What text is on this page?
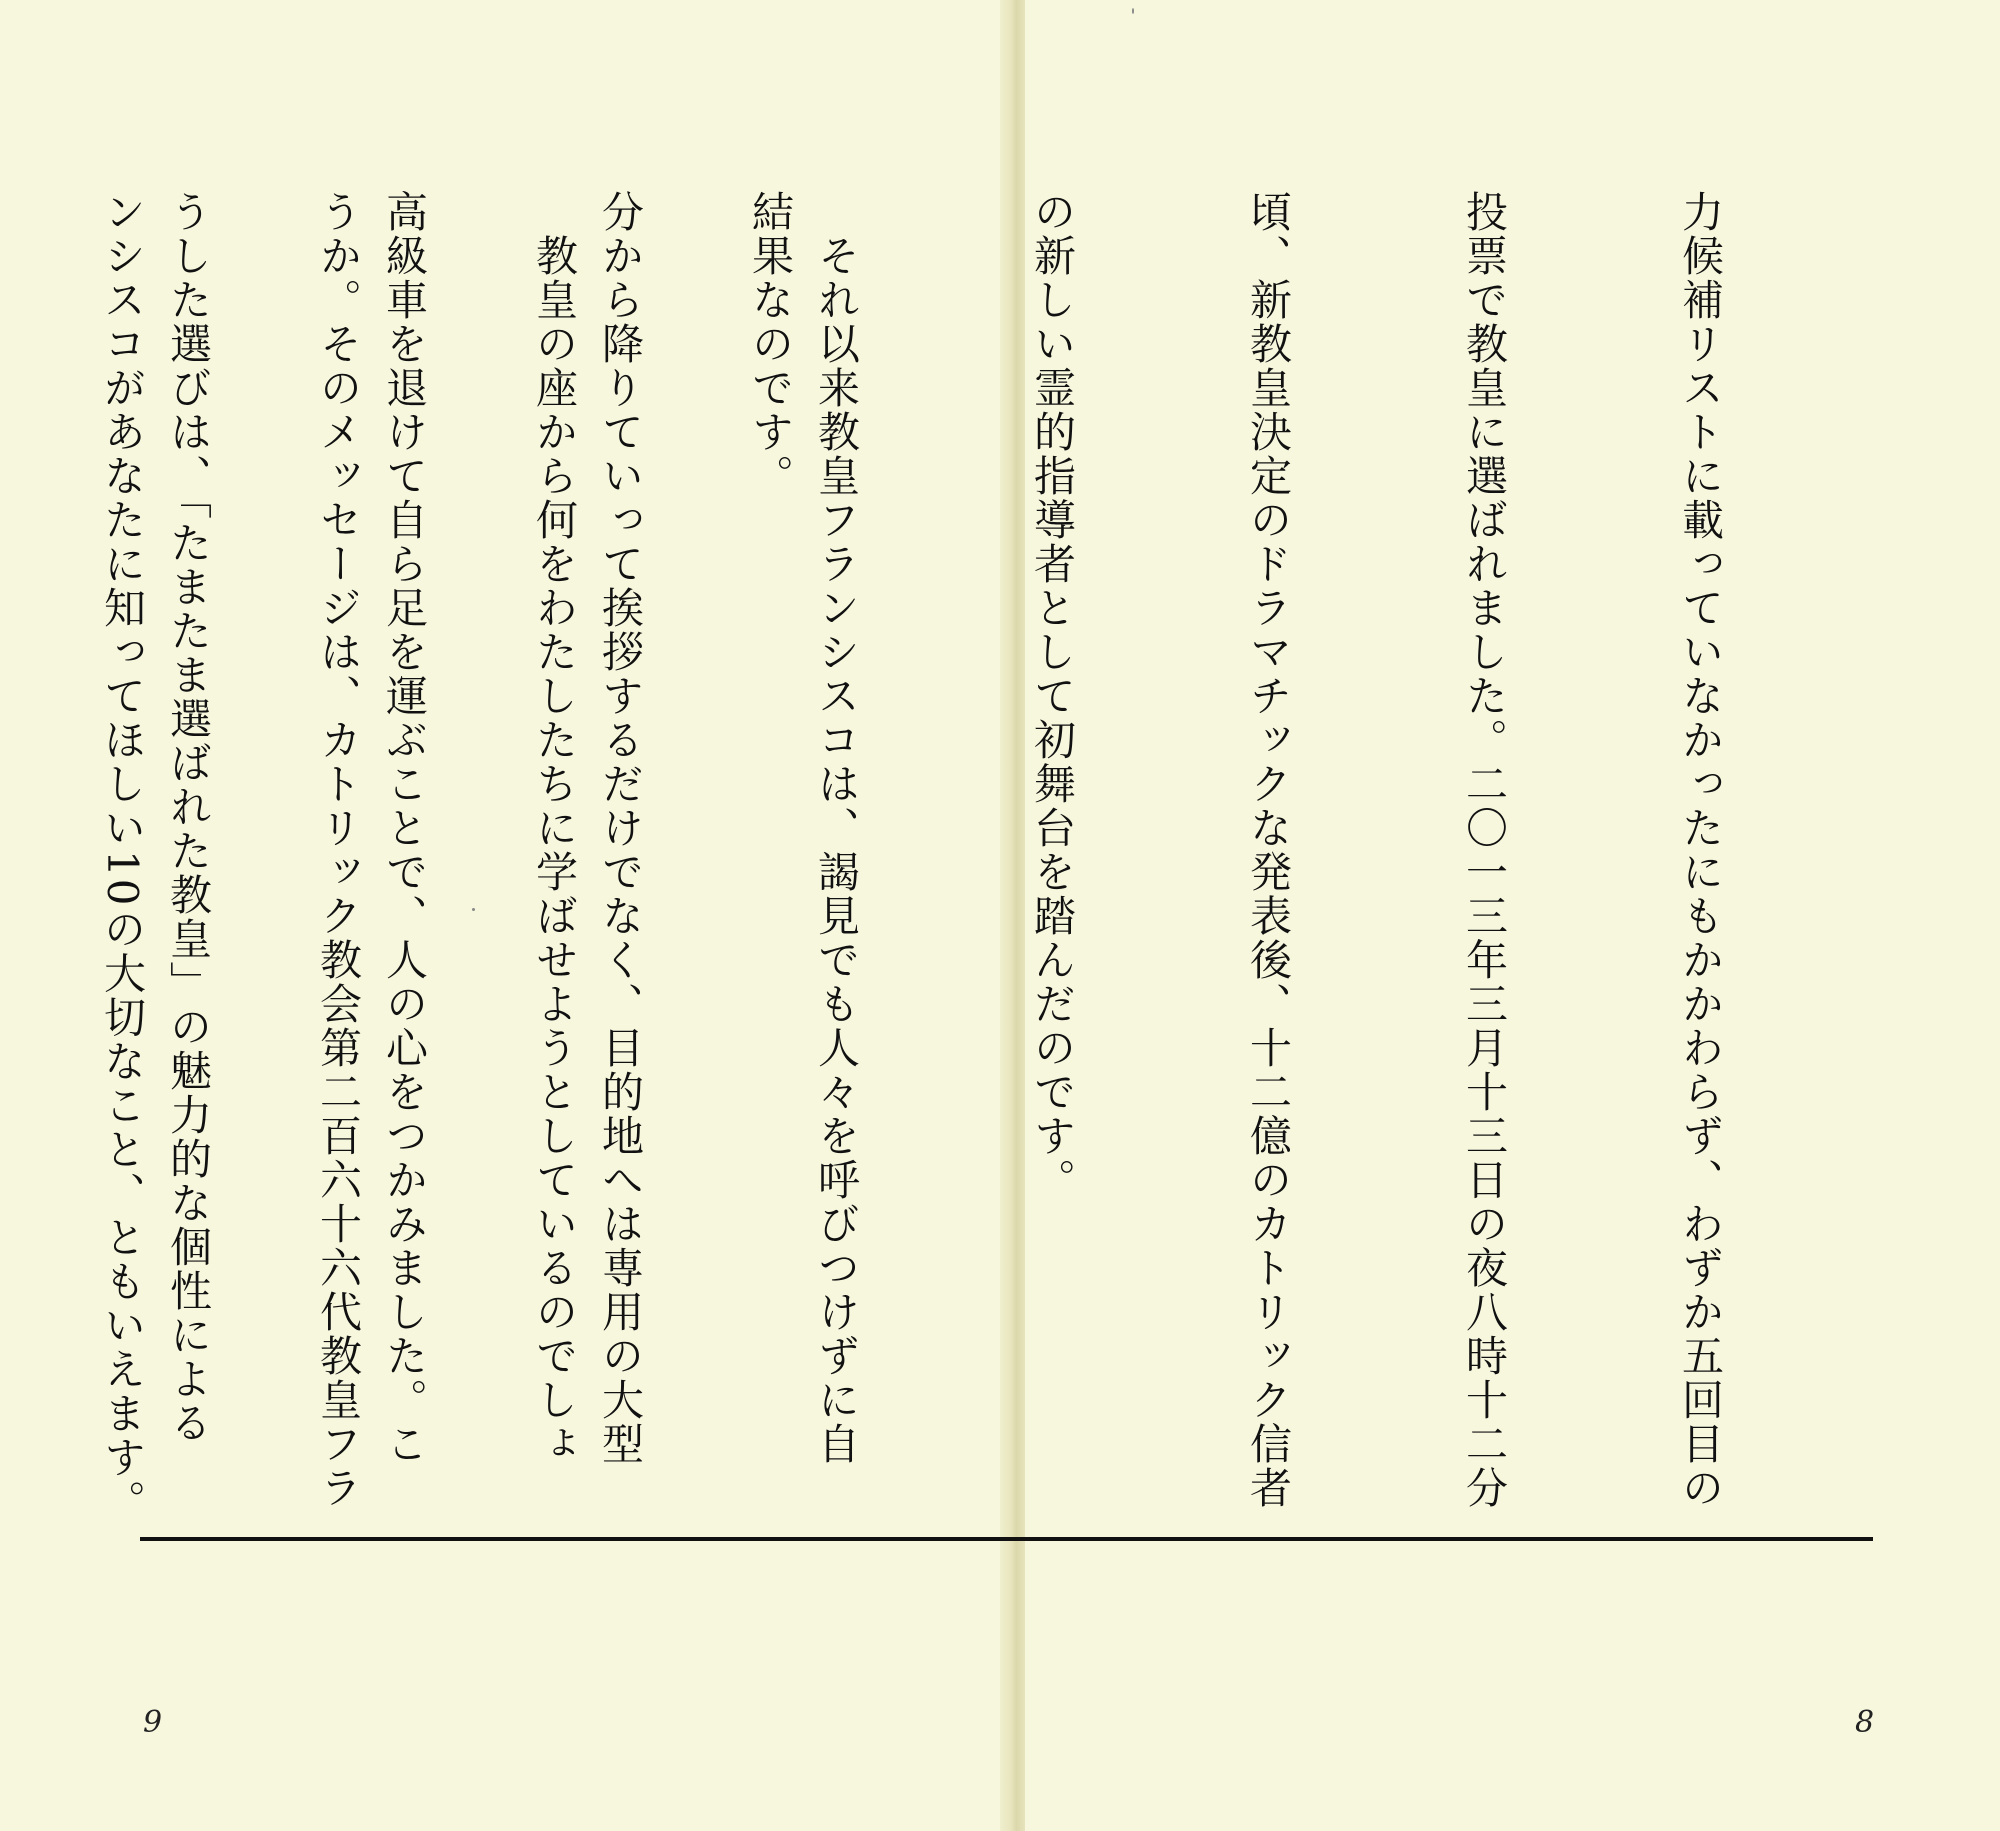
力候補リストに載っていなかったにもかかわらず、わずか五回目の

投票で教皇に選ばれました。二〇一三年三月十三日の夜八時十二分

頃、新教皇決定のドラマチックな発表後、十二億のカトリック信者

の新しい霊的指導者として初舞台を踏んだのです。

　それ以来教皇フランシスコは、謁見でも人々を呼びつけずに自

分から降りていって挨拶するだけでなく、目的地へは専用の大型

高級車を退けて自ら足を運ぶことで、人の心をつかみました。こ

うした選びは、「たまたま選ばれた教皇」の魅力的な個性による

	結果なのです。

　教皇の座から何をわたしたちに学ばせようとしているのでしょ

うか。そのメッセージは、カトリック教会第二百六十六代教皇フラ

ンシスコがあなたに知ってほしい10の大切なこと、ともいえます。

9	8
